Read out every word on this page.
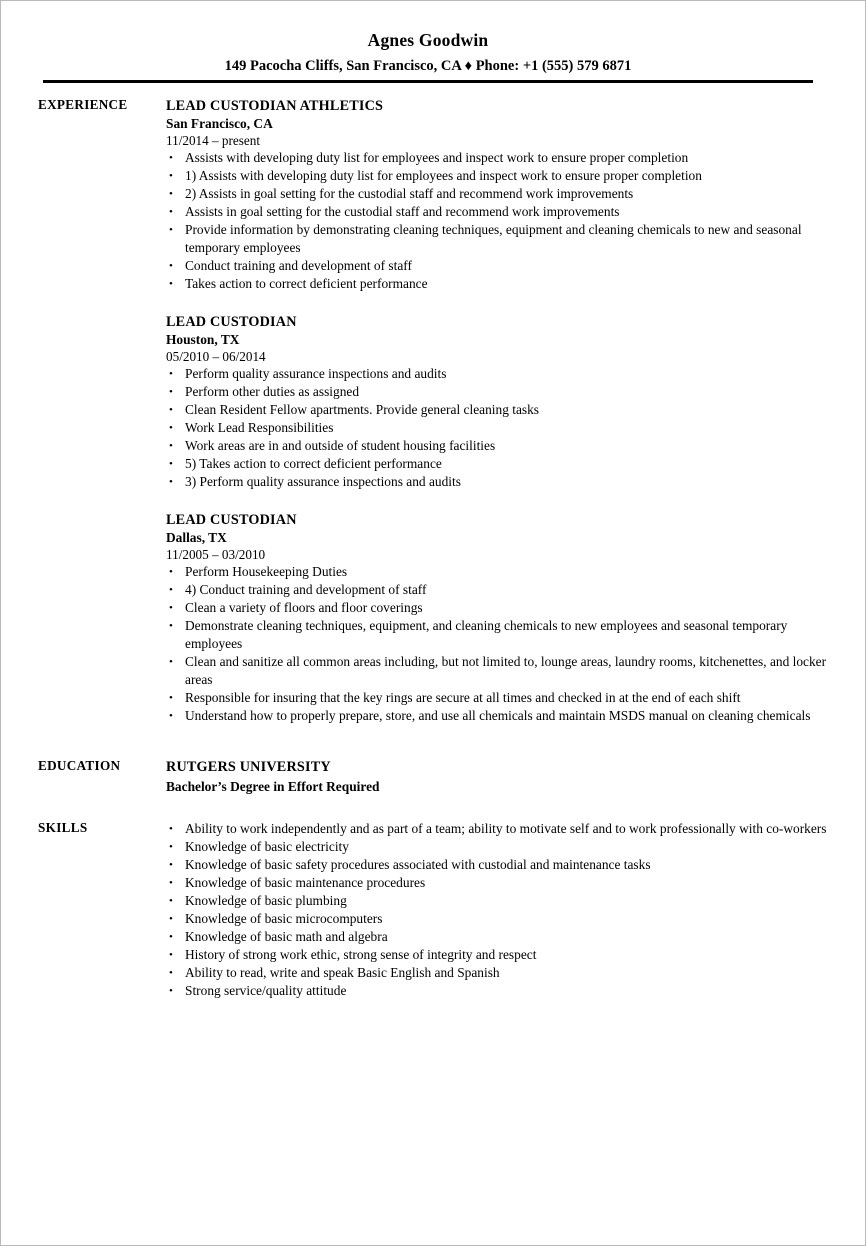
Agnes Goodwin
149 Pacocha Cliffs, San Francisco, CA ♦ Phone: +1 (555) 579 6871
EXPERIENCE	LEAD CUSTODIAN ATHLETICS
San Francisco, CA
11/2014 – present
• Assists with developing duty list for employees and inspect work to ensure proper completion
• 1) Assists with developing duty list for employees and inspect work to ensure proper completion
• 2) Assists in goal setting for the custodial staff and recommend work improvements
• Assists in goal setting for the custodial staff and recommend work improvements
• Provide information by demonstrating cleaning techniques, equipment and cleaning chemicals to new and seasonal temporary employees
• Conduct training and development of staff
• Takes action to correct deficient performance
LEAD CUSTODIAN
Houston, TX
05/2010 – 06/2014
• Perform quality assurance inspections and audits
• Perform other duties as assigned
• Clean Resident Fellow apartments. Provide general cleaning tasks
• Work Lead Responsibilities
• Work areas are in and outside of student housing facilities
• 5) Takes action to correct deficient performance
• 3) Perform quality assurance inspections and audits
LEAD CUSTODIAN
Dallas, TX
11/2005 – 03/2010
• Perform Housekeeping Duties
• 4) Conduct training and development of staff
• Clean a variety of floors and floor coverings
• Demonstrate cleaning techniques, equipment, and cleaning chemicals to new employees and seasonal temporary employees
• Clean and sanitize all common areas including, but not limited to, lounge areas, laundry rooms, kitchenettes, and locker areas
• Responsible for insuring that the key rings are secure at all times and checked in at the end of each shift
• Understand how to properly prepare, store, and use all chemicals and maintain MSDS manual on cleaning chemicals
EDUCATION	RUTGERS UNIVERSITY
Bachelor’s Degree in Effort Required
SKILLS	• Ability to work independently and as part of a team; ability to motivate self and to work professionally with co-workers
• Knowledge of basic electricity
• Knowledge of basic safety procedures associated with custodial and maintenance tasks
• Knowledge of basic maintenance procedures
• Knowledge of basic plumbing
• Knowledge of basic microcomputers
• Knowledge of basic math and algebra
• History of strong work ethic, strong sense of integrity and respect
• Ability to read, write and speak Basic English and Spanish
• Strong service/quality attitude
